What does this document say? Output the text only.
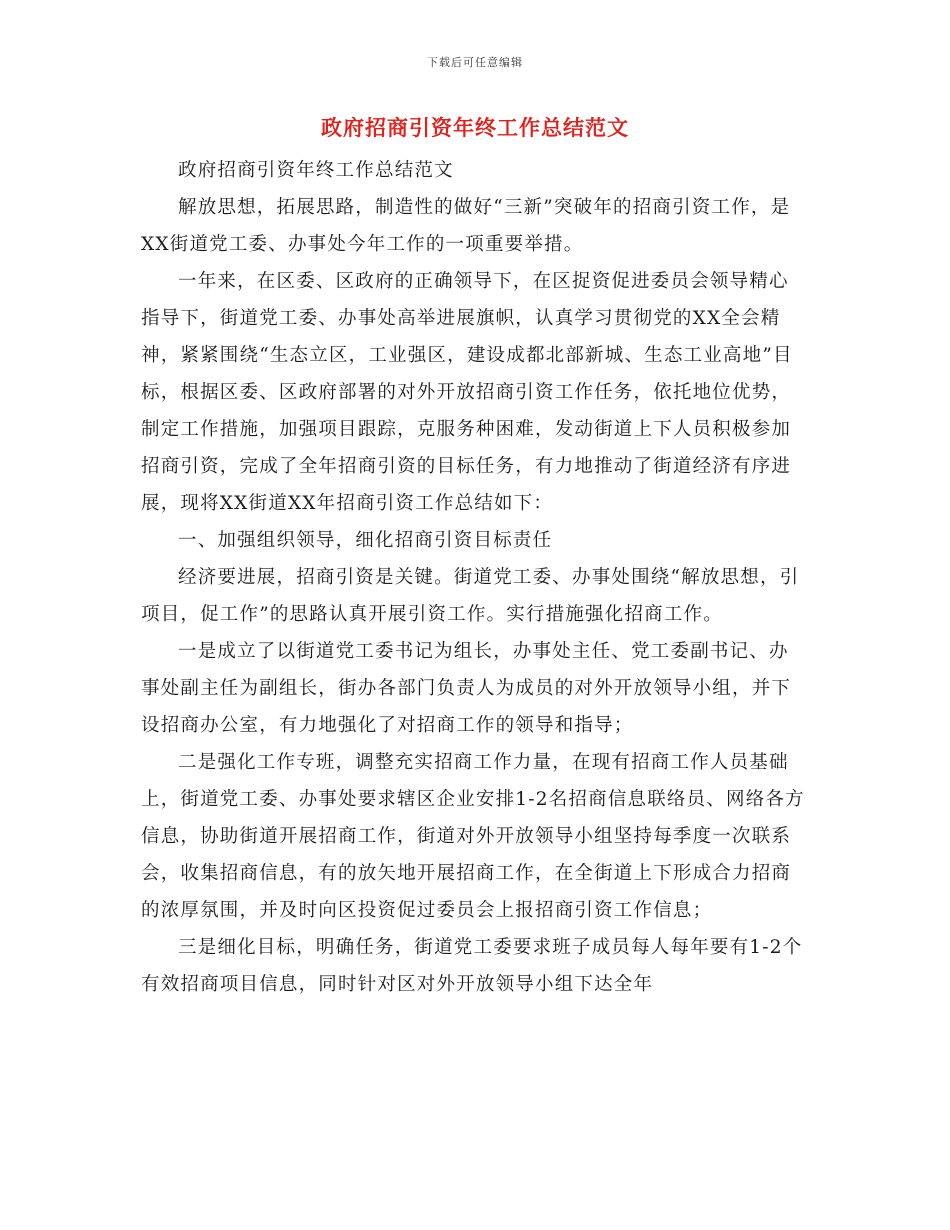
下载后可任意编辑
政府招商引资年终工作总结范文

政府招商引资年终工作总结范文

解放思想，拓展思路，制造性的做好“三新”突破年的招商引资工作，是XX街道党工委、办事处今年工作的一项重要举措。

一年来，在区委、区政府的正确领导下，在区捉资促进委员会领导精心指导下，街道党工委、办事处高举进展旗帜，认真学习贯彻党的XX全会精神，紧紧围绕“生态立区，工业强区，建设成都北部新城、生态工业高地”目标，根据区委、区政府部署的对外开放招商引资工作任务，依托地位优势，制定工作措施，加强项目跟踪，克服务种困难，发动街道上下人员积极参加招商引资，完成了全年招商引资的目标任务，有力地推动了街道经济有序进展，现将XX街道XX年招商引资工作总结如下：

一、加强组织领导，细化招商引资目标责任

经济要进展，招商引资是关键。街道党工委、办事处围绕“解放思想，引项目，促工作”的思路认真开展引资工作。实行措施强化招商工作。

一是成立了以街道党工委书记为组长，办事处主任、党工委副书记、办事处副主任为副组长，街办各部门负责人为成员的对外开放领导小组，并下设招商办公室，有力地强化了对招商工作的领导和指导；

二是强化工作专班，调整充实招商工作力量，在现有招商工作人员基础上，街道党工委、办事处要求辖区企业安排1-2名招商信息联络员、网络各方信息，协助街道开展招商工作，街道对外开放领导小组坚持每季度一次联系会，收集招商信息，有的放矢地开展招商工作，在全街道上下形成合力招商的浓厚氛围，并及时向区投资促过委员会上报招商引资工作信息；

三是细化目标，明确任务，街道党工委要求班子成员每人每年要有1-2个有效招商项目信息，同时针对区对外开放领导小组下达全年
